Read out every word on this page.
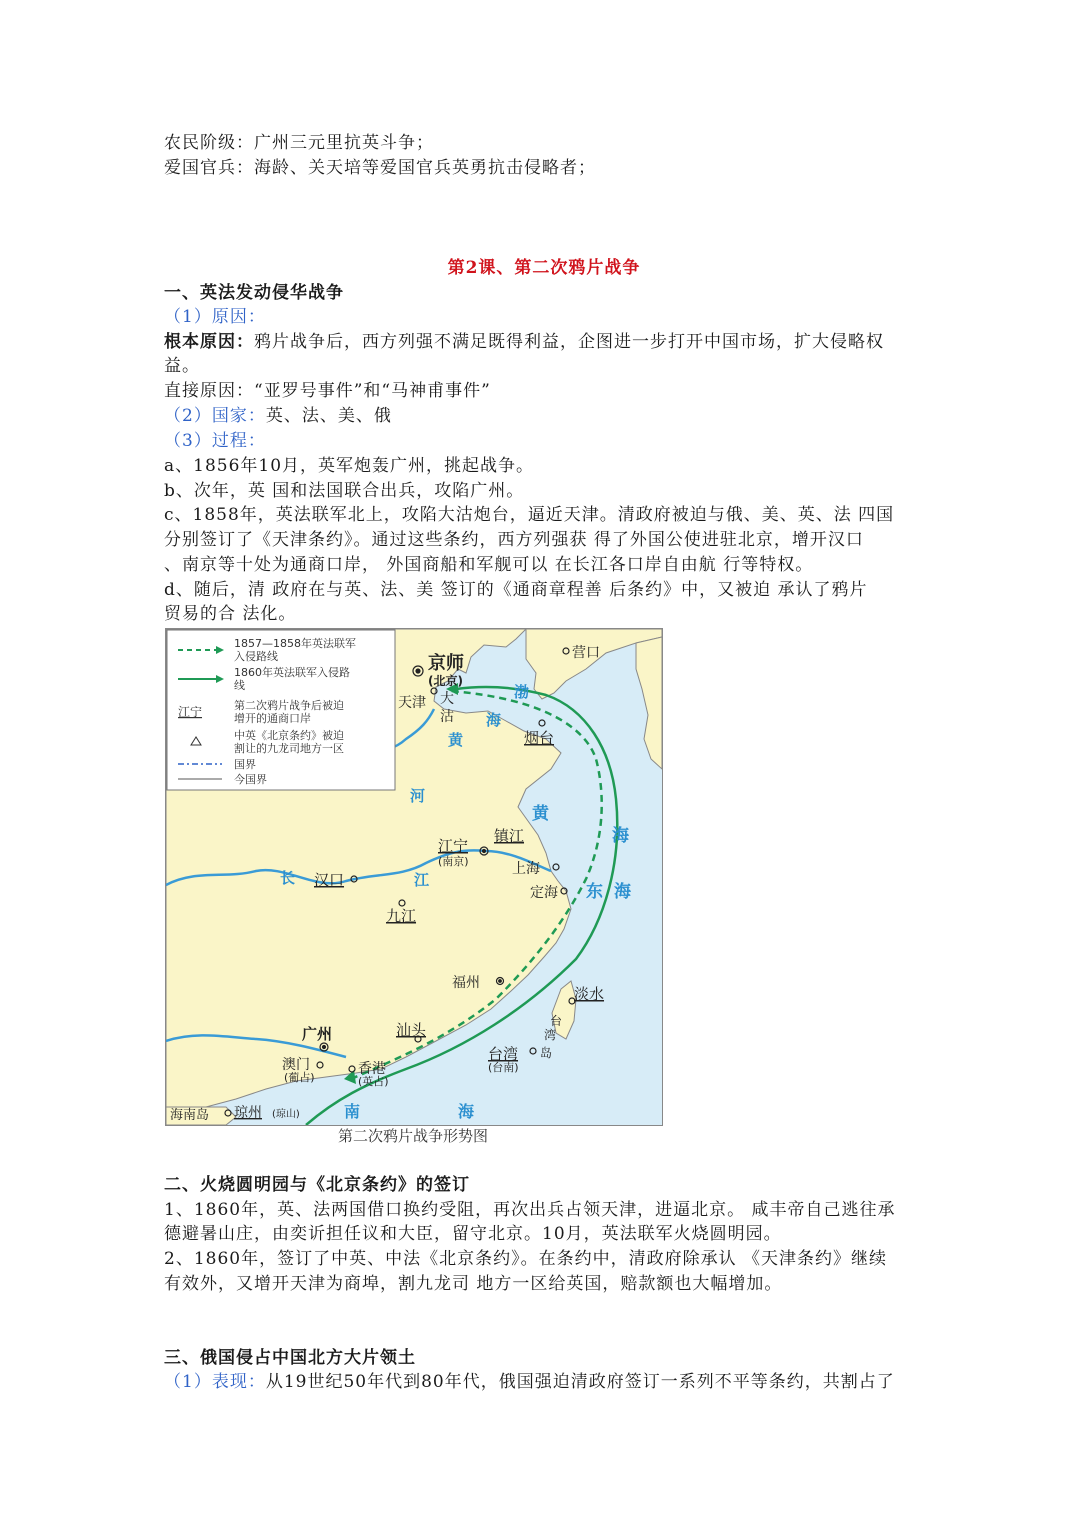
农民阶级：广州三元里抗英斗争；
爱国官兵：海龄、关天培等爱国官兵英勇抗击侵略者；
第2课、第二次鸦片战争
一、英法发动侵华战争
（1）原因：
根本原因：鸦片战争后，西方列强不满足既得利益，企图进一步打开中国市场，扩大侵略权
益。
直接原因：“亚罗号事件”和“马神甫事件”
（2）国家：英、法、美、俄
（3）过程：
a、1856年10月，英军炮轰广州，挑起战争。
b、次年，英 国和法国联合出兵，攻陷广州。
c、1858年，英法联军北上，攻陷大沽炮台，逼近天津。清政府被迫与俄、美、英、法 四国
分别签订了《天津条约》。通过这些条约，西方列强获 得了外国公使进驻北京，增开汉口
、南京等十处为通商口岸， 外国商船和军舰可以 在长江各口岸自由航 行等特权。
d、随后，清 政府在与英、法、美 签订的《通商章程善 后条约》中，又被迫 承认了鸦片
贸易的合 法化。
1857—1858年英法联军
入侵路线
1860年英法联军入侵路
线
江宁	第二次鸦片战争后被迫
增开的通商口岸
中英《北京条约》被迫
割让的九龙司地方一区
国界
今国界
京师
(北京)
营口
天津 大
沽
烟台
江宁
(南京)
镇江
上海
定海
汉口
九江
福州
淡水
广州	汕头
澳门
(葡占)
香港
(英占)
台湾
(台南)
海南岛 琼州 (琼山)
渤
海
黄
河
黄
海
长	江
东 海
南	海
台
湾
岛
第二次鸦片战争形势图
二、火烧圆明园与《北京条约》的签订
1、1860年，英、法两国借口换约受阻，再次出兵占领天津，进逼北京。 咸丰帝自己逃往承
德避暑山庄，由奕䜣担任议和大臣，留守北京。10月，英法联军火烧圆明园。
2、1860年，签订了中英、中法《北京条约》。在条约中，清政府除承认 《天津条约》继续
有效外，又增开天津为商埠，割九龙司 地方一区给英国，赔款额也大幅增加。
三、俄国侵占中国北方大片领土
（1）表现：从19世纪50年代到80年代，俄国强迫清政府签订一系列不平等条约，共割占了
